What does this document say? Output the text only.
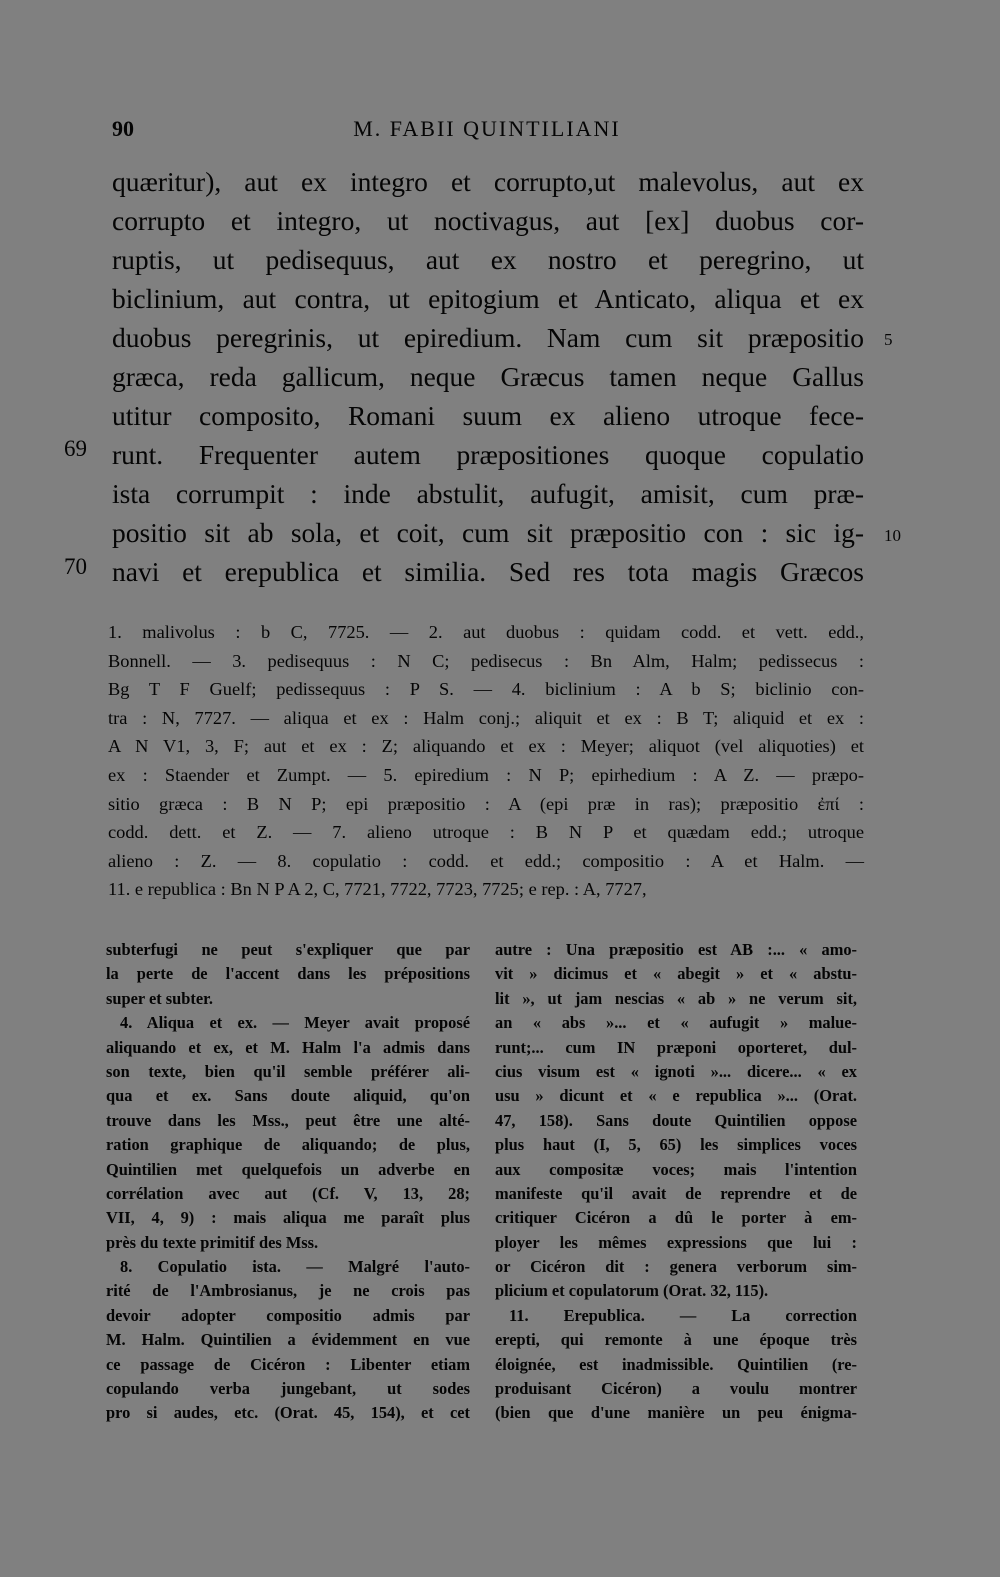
90	M. FABII QUINTILIANI
quæritur), aut ex integro et corrupto,ut malevolus, aut ex
corrupto et integro, ut noctivagus, aut [ex] duobus cor-
ruptis, ut pedisequus, aut ex nostro et peregrino, ut
biclinium, aut contra, ut epitogium et Anticato, aliqua et ex
duobus peregrinis, ut epiredium. Nam cum sit præpositio
græca, reda gallicum, neque Græcus tamen neque Gallus
utitur composito, Romani suum ex alieno utroque fece-
runt. Frequenter autem præpositiones quoque copulatio
ista corrumpit : inde abstulit, aufugit, amisit, cum præ-
positio sit ab sola, et coit, cum sit præpositio con : sic ig-
navi et erepublica et similia. Sed res tota magis Græcos
69
70
5
10
1. malivolus : b C, 7725. — 2. aut duobus : quidam codd. et vett. edd.,
Bonnell. — 3. pedisequus : N C; pedisecus : Bn Alm, Halm; pedissecus :
Bg T F Guelf; pedissequus : P S. — 4. biclinium : A b S; biclinio con-
tra : N, 7727. — aliqua et ex : Halm conj.; aliquit et ex : B T; aliquid et ex :
A N V1, 3, F; aut et ex : Z; aliquando et ex : Meyer; aliquot (vel aliquoties) et
ex : Staender et Zumpt. — 5. epiredium : N P; epirhedium : A Z. — præpo-
sitio græca : B N P; epi præpositio : A (epi præ in ras); præpositio ἐπί :
codd. dett. et Z. — 7. alieno utroque : B N P et quædam edd.; utroque
alieno : Z. — 8. copulatio : codd. et edd.; compositio : A et Halm. —
11. e republica : Bn N P A 2, C, 7721, 7722, 7723, 7725; e rep. : A, 7727,
subterfugi ne peut s'expliquer que par
la perte de l'accent dans les prépositions
super et subter.
4. Aliqua et ex. — Meyer avait proposé
aliquando et ex, et M. Halm l'a admis dans
son texte, bien qu'il semble préférer ali-
qua et ex. Sans doute aliquid, qu'on
trouve dans les Mss., peut être une alté-
ration graphique de aliquando; de plus,
Quintilien met quelquefois un adverbe en
corrélation avec aut (Cf. V, 13, 28;
VII, 4, 9) : mais aliqua me paraît plus
près du texte primitif des Mss.
8. Copulatio ista. — Malgré l'auto-
rité de l'Ambrosianus, je ne crois pas
devoir adopter compositio admis par
M. Halm. Quintilien a évidemment en vue
ce passage de Cicéron : Libenter etiam
copulando verba jungebant, ut sodes
pro si audes, etc. (Orat. 45, 154), et cet
autre : Una præpositio est AB :... « amo-
vit » dicimus et « abegit » et « abstu-
lit », ut jam nescias « ab » ne verum sit,
an « abs »... et « aufugit » malue-
runt;... cum IN præponi oporteret, dul-
cius visum est « ignoti »... dicere... « ex
usu » dicunt et « e republica »... (Orat.
47, 158). Sans doute Quintilien oppose
plus haut (I, 5, 65) les simplices voces
aux compositæ voces; mais l'intention
manifeste qu'il avait de reprendre et de
critiquer Cicéron a dû le porter à em-
ployer les mêmes expressions que lui :
or Cicéron dit : genera verborum sim-
plicium et copulatorum (Orat. 32, 115).
11. Erepublica. — La correction
erepti, qui remonte à une époque très
éloignée, est inadmissible. Quintilien (re-
produisant Cicéron) a voulu montrer
(bien que d'une manière un peu énigma-
